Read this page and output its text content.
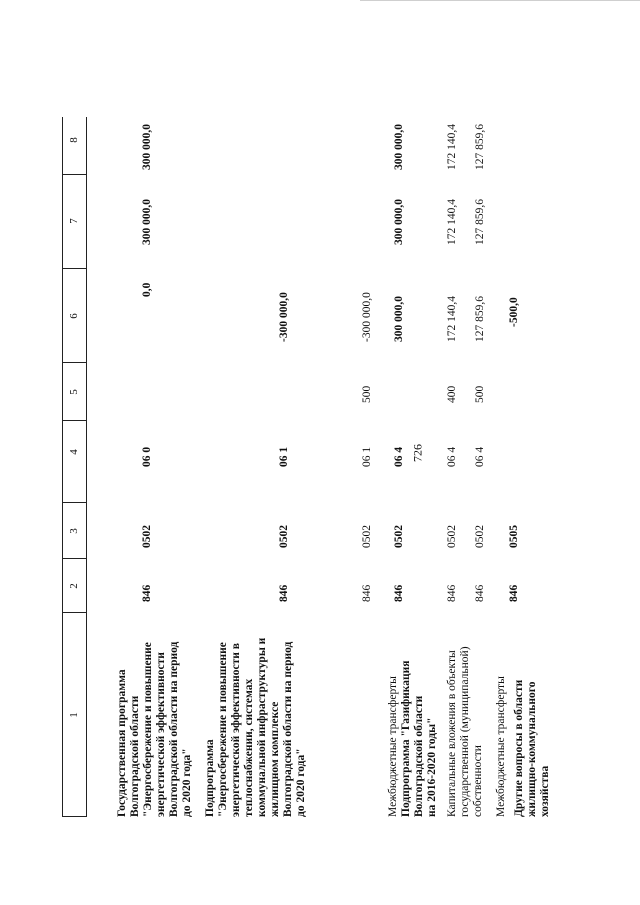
726
1
2
3
4
5
6
7
8

Государственная программа Волгоградской области "Энергосбережение и повышение энергетической эффективности Волгоградской области на период до 2020 года"

846
0502
06 0
0,0
300 000,0
300 000,0

Подпрограмма "Энергосбережение и повышение энергетической эффективности в теплоснабжении, системах коммунальной инфраструктуры и жилищном комплексе Волгоградской области на период до 2020 года"

846
0502
06 1
-300 000,0

Межбюджетные трансферты

846
0502
06 1
500
-300 000,0

Подпрограмма "Газификация Волгоградской области на 2016-2020 годы"

846
0502
06 4
300 000,0
300 000,0
300 000,0

Капитальные вложения в объекты государственной (муниципальной) собственности

846
0502
06 4
400
172 140,4
172 140,4
172 140,4

Межбюджетные трансферты

846
0502
06 4
500
127 859,6
127 859,6
127 859,6

Другие вопросы в области жилищно-коммунального хозяйства

846
0505
-500,0
